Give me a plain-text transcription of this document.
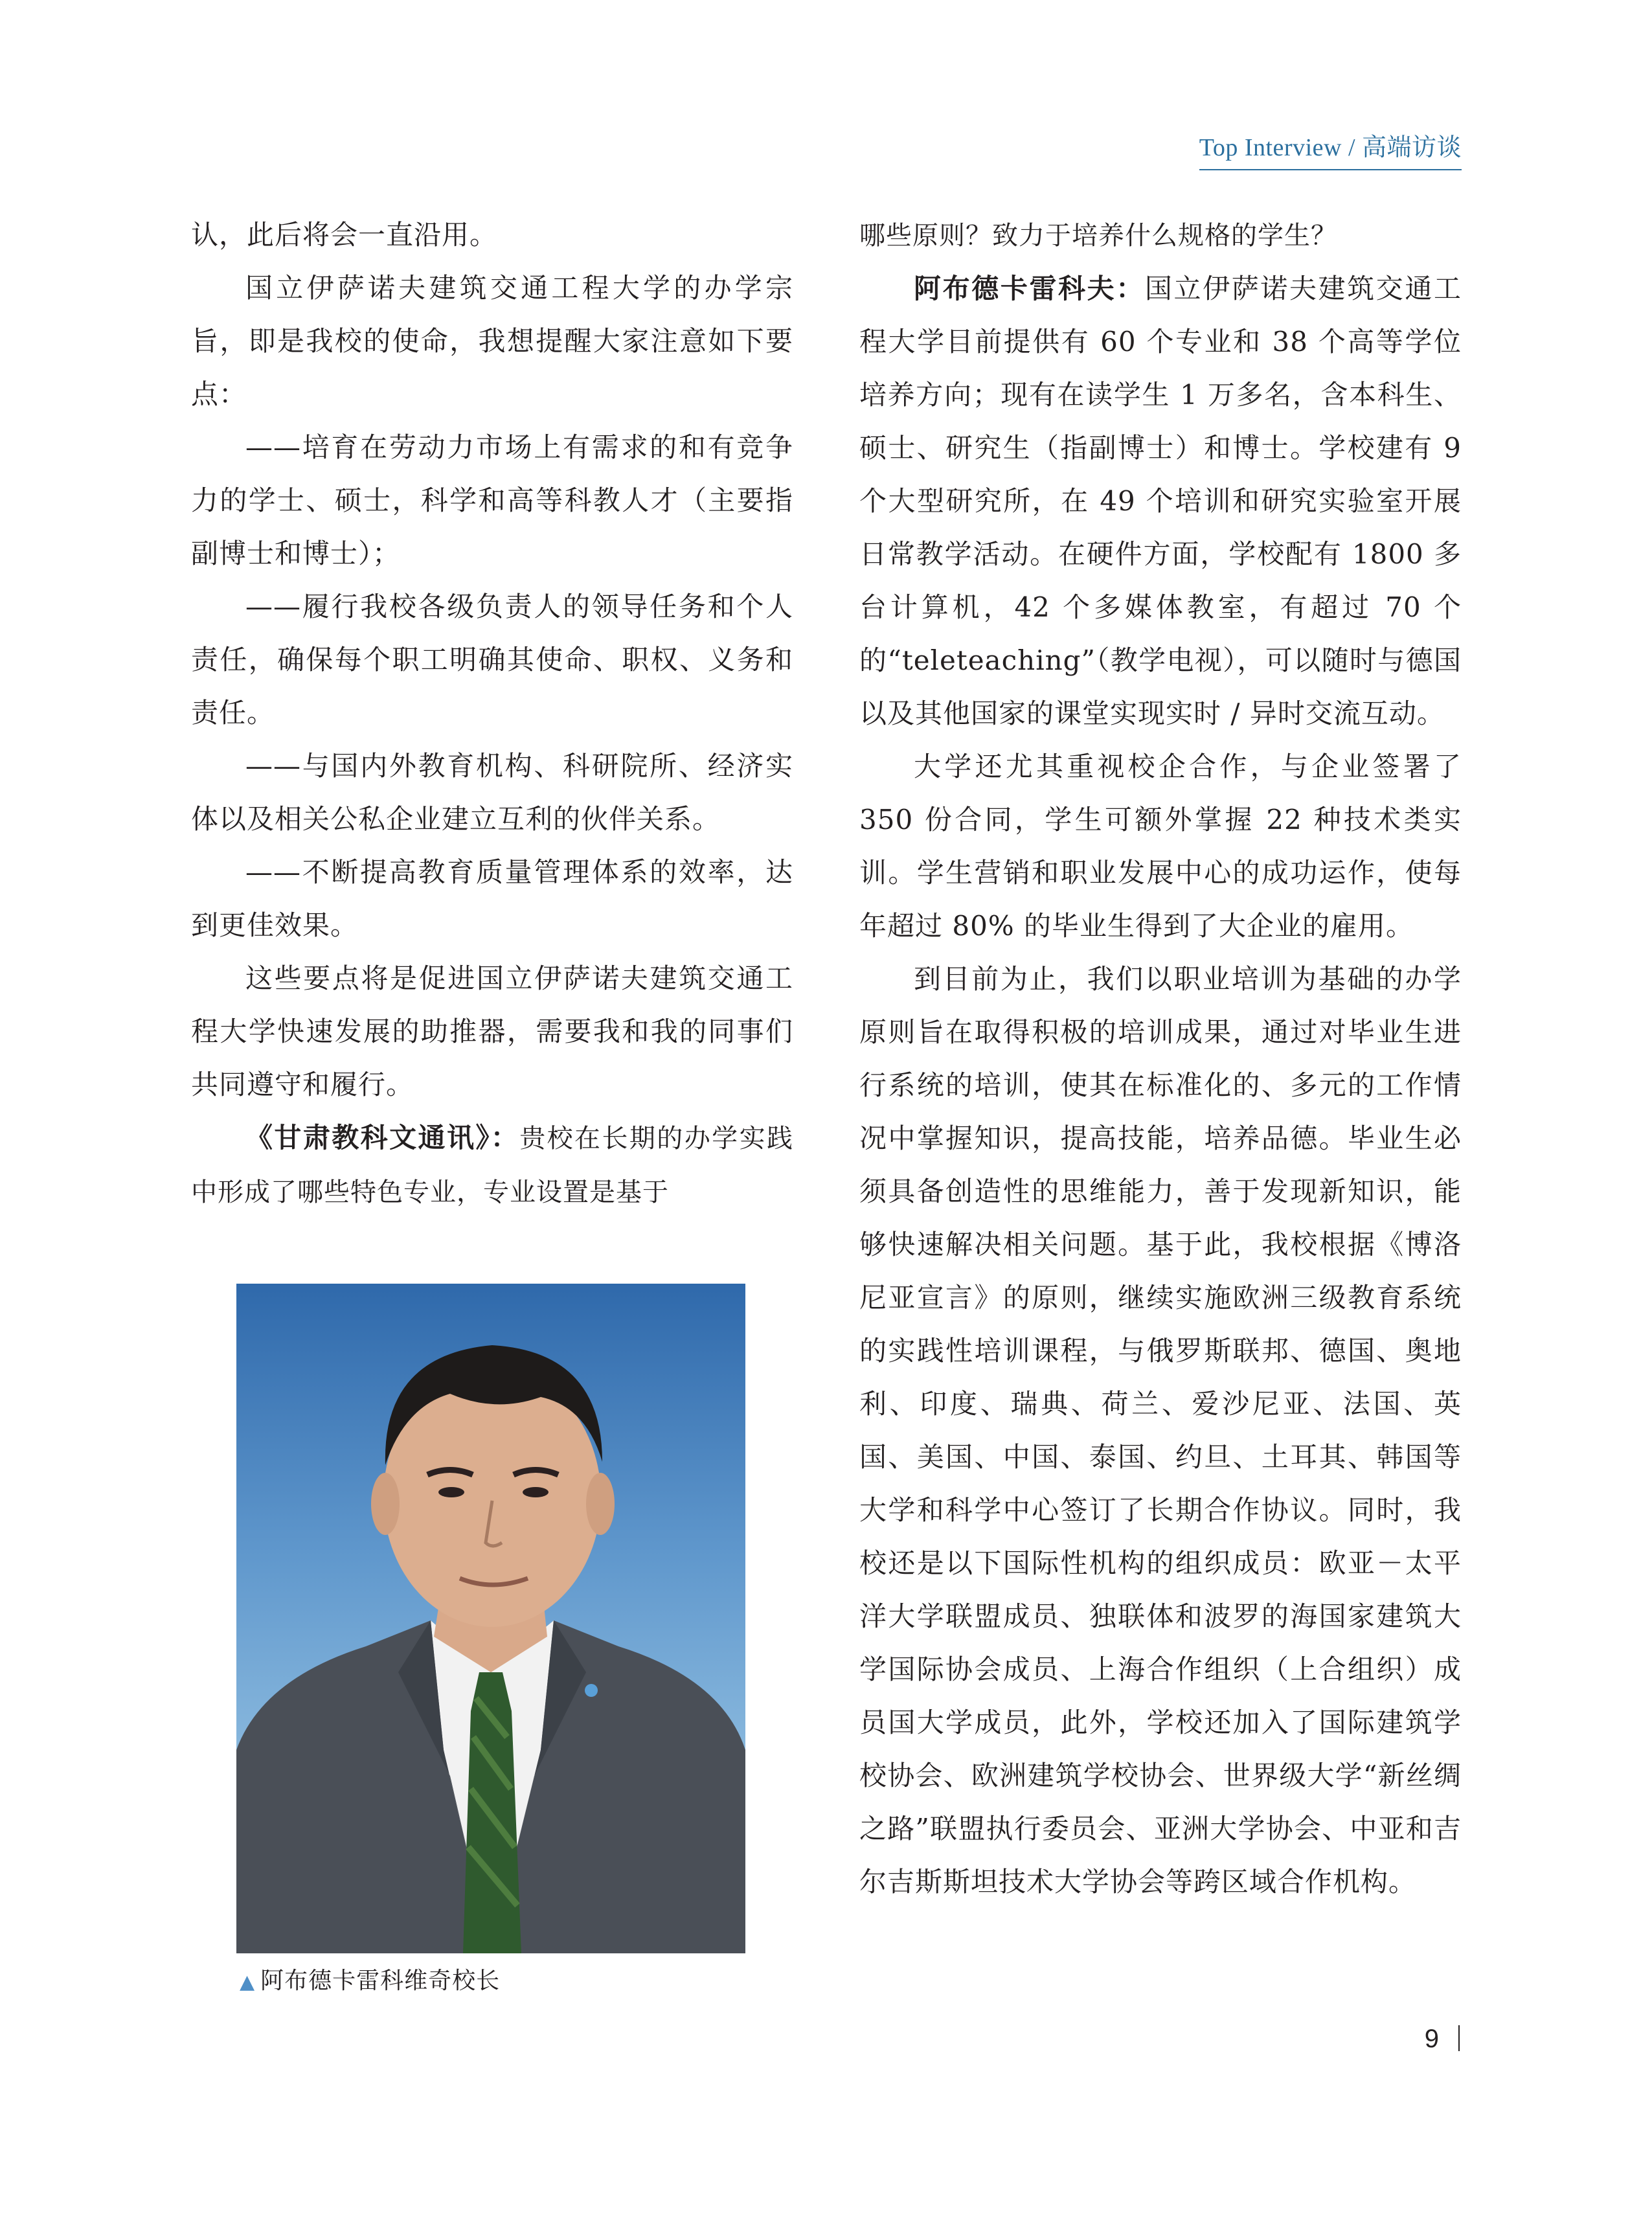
Top Interview / 高端访谈

认，此后将会一直沿用。

国立伊萨诺夫建筑交通工程大学的办学宗旨，即是我校的使命，我想提醒大家注意如下要点：

——培育在劳动力市场上有需求的和有竞争力的学士、硕士，科学和高等科教人才（主要指副博士和博士）；

——履行我校各级负责人的领导任务和个人责任，确保每个职工明确其使命、职权、义务和责任。

——与国内外教育机构、科研院所、经济实体以及相关公私企业建立互利的伙伴关系。

——不断提高教育质量管理体系的效率，达到更佳效果。

这些要点将是促进国立伊萨诺夫建筑交通工程大学快速发展的助推器，需要我和我的同事们共同遵守和履行。

《甘肃教科文通讯》：贵校在长期的办学实践中形成了哪些特色专业，专业设置是基于

哪些原则？致力于培养什么规格的学生？

阿布德卡雷科夫：国立伊萨诺夫建筑交通工程大学目前提供有 60 个专业和 38 个高等学位培养方向；现有在读学生 1 万多名，含本科生、硕士、研究生（指副博士）和博士。学校建有 9 个大型研究所，在 49 个培训和研究实验室开展日常教学活动。在硬件方面，学校配有 1800 多台计算机，42 个多媒体教室，有超过 70 个的“teleteaching”（教学电视），可以随时与德国以及其他国家的课堂实现实时 / 异时交流互动。

大学还尤其重视校企合作，与企业签署了 350 份合同，学生可额外掌握 22 种技术类实训。学生营销和职业发展中心的成功运作，使每年超过 80% 的毕业生得到了大企业的雇用。

到目前为止，我们以职业培训为基础的办学原则旨在取得积极的培训成果，通过对毕业生进行系统的培训，使其在标准化的、多元的工作情况中掌握知识，提高技能，培养品德。毕业生必须具备创造性的思维能力，善于发现新知识，能够快速解决相关问题。基于此，我校根据《博洛尼亚宣言》的原则，继续实施欧洲三级教育系统的实践性培训课程，与俄罗斯联邦、德国、奥地利、印度、瑞典、荷兰、爱沙尼亚、法国、英国、美国、中国、泰国、约旦、土耳其、韩国等大学和科学中心签订了长期合作协议。同时，我校还是以下国际性机构的组织成员：欧亚－太平洋大学联盟成员、独联体和波罗的海国家建筑大学国际协会成员、上海合作组织（上合组织）成员国大学成员，此外，学校还加入了国际建筑学校协会、欧洲建筑学校协会、世界级大学“新丝绸之路”联盟执行委员会、亚洲大学协会、中亚和吉尔吉斯斯坦技术大学协会等跨区域合作机构。

▲ 阿布德卡雷科维奇校长
9
